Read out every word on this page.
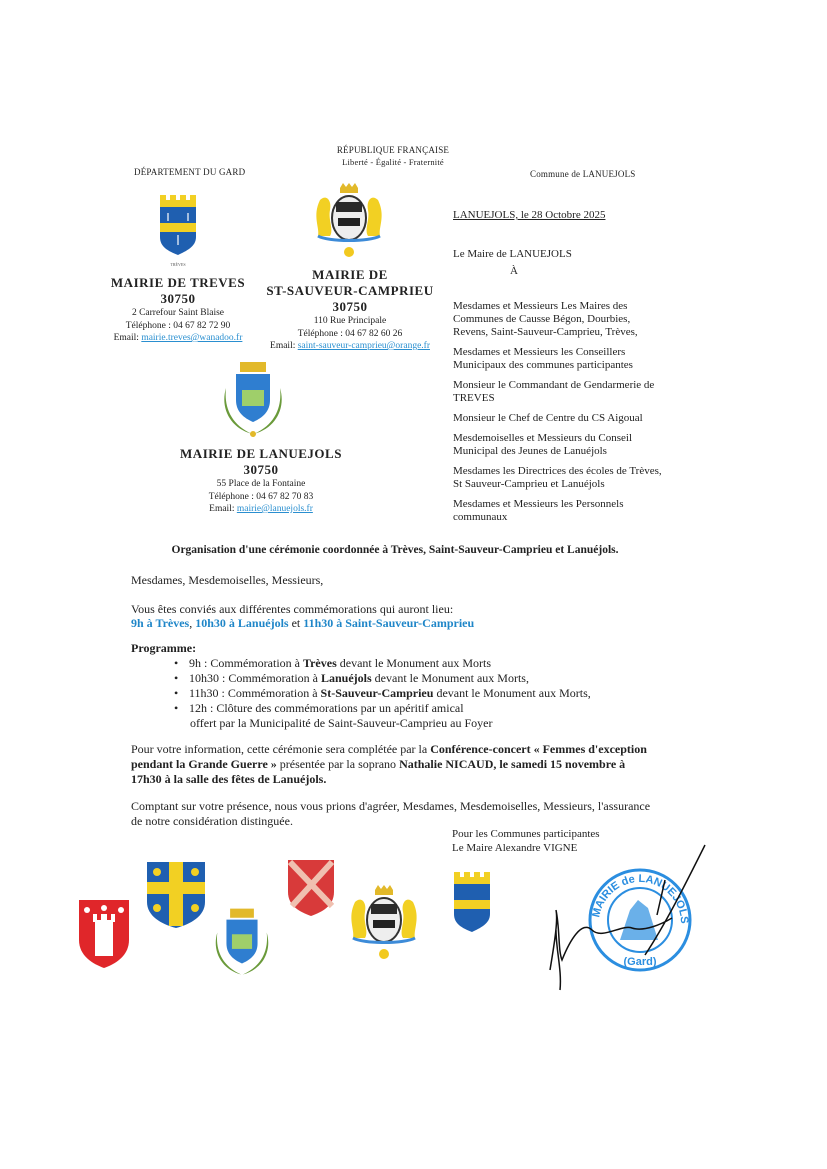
RÉPUBLIQUE FRANÇAISE
Liberté - Égalité - Fraternité
DÉPARTEMENT DU GARD	Commune de LANUEJOLS
TRÈVES
MAIRIE DE TREVES
30750
2 Carrefour Saint Blaise
Téléphone : 04 67 82 72 90
Email: mairie.treves@wanadoo.fr
MAIRIE DE
ST-SAUVEUR-CAMPRIEU
30750
110 Rue Principale
Téléphone : 04 67 82 60 26
Email: saint-sauveur-camprieu@orange.fr
MAIRIE DE LANUEJOLS
30750
55 Place de la Fontaine
Téléphone : 04 67 82 70 83
Email: mairie@lanuejols.fr
LANUEJOLS, le 28 Octobre 2025
Le Maire de LANUEJOLS
À

Mesdames et Messieurs Les Maires des Communes de Causse Bégon, Dourbies, Revens, Saint-Sauveur-Camprieu, Trèves,

Mesdames et Messieurs les Conseillers Municipaux des communes participantes

Monsieur le Commandant de Gendarmerie de TREVES

Monsieur le Chef de Centre du CS Aigoual

Mesdemoiselles et Messieurs du Conseil Municipal des Jeunes de Lanuéjols

Mesdames les Directrices des écoles de Trèves, St Sauveur-Camprieu et Lanuéjols

Mesdames et Messieurs les Personnels communaux

Organisation d'une cérémonie coordonnée à Trèves, Saint-Sauveur-Camprieu et Lanuéjols.
Mesdames, Mesdemoiselles, Messieurs,
Vous êtes conviés aux différentes commémorations qui auront lieu:
9h à Trèves, 10h30 à Lanuéjols et 11h30 à Saint-Sauveur-Camprieu
Programme:
• 9h : Commémoration à Trèves devant le Monument aux Morts
• 10h30 : Commémoration à Lanuéjols devant le Monument aux Morts,
• 11h30 : Commémoration à St-Sauveur-Camprieu devant le Monument aux Morts,
• 12h : Clôture des commémorations par un apéritif amical
offert par la Municipalité de Saint-Sauveur-Camprieu au Foyer
Pour votre information, cette cérémonie sera complétée par la Conférence-concert « Femmes d'exception pendant la Grande Guerre » présentée par la soprano Nathalie NICAUD, le samedi 15 novembre à 17h30 à la salle des fêtes de Lanuéjols.
Comptant sur votre présence, nous vous prions d'agréer, Mesdames, Mesdemoiselles, Messieurs, l'assurance de notre considération distinguée.
Pour les Communes participantes
Le Maire Alexandre VIGNE
MAIRIE de LANUEJOLS
(Gard)
